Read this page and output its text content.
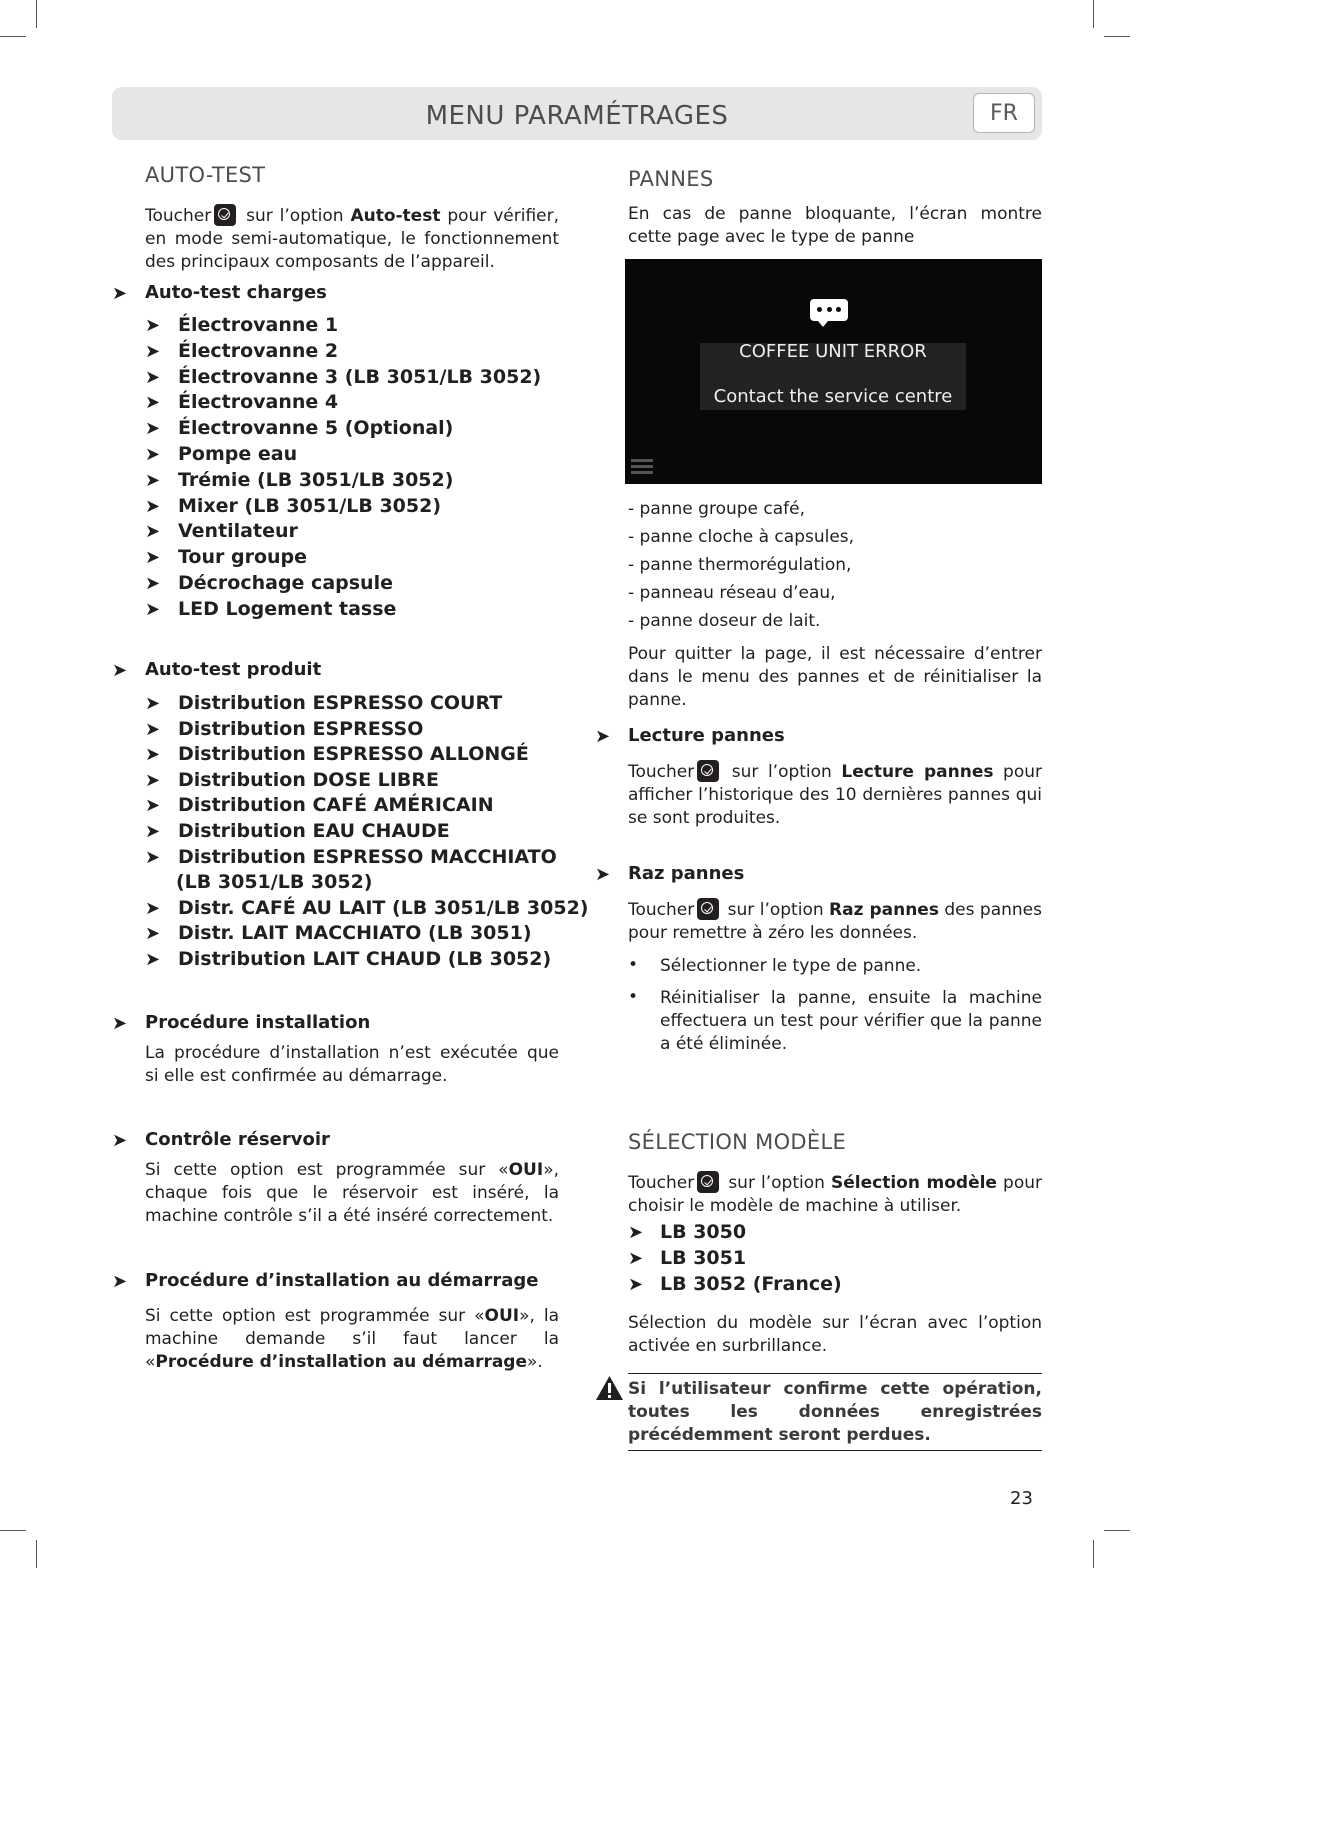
MENU PARAMÉTRAGES	FR
AUTO-TEST
Toucher sur l’option Auto-test pour vérifier, en mode semi-automatique, le fonctionnement des principaux composants de l’appareil.
➤ Auto-test charges
➤ Électrovanne 1
➤ Électrovanne 2
➤ Électrovanne 3 (LB 3051/LB 3052)
➤ Électrovanne 4
➤ Électrovanne 5 (Optional)
➤ Pompe eau
➤ Trémie (LB 3051/LB 3052)
➤ Mixer (LB 3051/LB 3052)
➤ Ventilateur
➤ Tour groupe
➤ Décrochage capsule
➤ LED Logement tasse
➤ Auto-test produit
➤ Distribution ESPRESSO COURT
➤ Distribution ESPRESSO
➤ Distribution ESPRESSO ALLONGÉ
➤ Distribution DOSE LIBRE
➤ Distribution CAFÉ AMÉRICAIN
➤ Distribution EAU CHAUDE
➤ Distribution ESPRESSO MACCHIATO
(LB 3051/LB 3052)
➤ Distr. CAFÉ AU LAIT (LB 3051/LB 3052)
➤ Distr. LAIT MACCHIATO (LB 3051)
➤ Distribution LAIT CHAUD (LB 3052)
➤ Procédure installation
La procédure d’installation n’est exécutée que si elle est confirmée au démarrage.
➤ Contrôle réservoir
Si cette option est programmée sur «OUI», chaque fois que le réservoir est inséré, la machine contrôle s’il a été inséré correctement.
➤ Procédure d’installation au démarrage
Si cette option est programmée sur «OUI», la machine demande s’il faut lancer la «Procédure d’installation au démarrage».
PANNES
En cas de panne bloquante, l’écran montre cette page avec le type de panne
COFFEE UNIT ERROR
Contact the service centre
- panne groupe café,
- panne cloche à capsules,
- panne thermorégulation,
- panneau réseau d’eau,
- panne doseur de lait.
Pour quitter la page, il est nécessaire d’entrer dans le menu des pannes et de réinitialiser la panne.
➤ Lecture pannes
Toucher sur l’option Lecture pannes pour afficher l’historique des 10 dernières pannes qui se sont produites.
➤ Raz pannes
Toucher sur l’option Raz pannes des pannes pour remettre à zéro les données.
• Sélectionner le type de panne.
• Réinitialiser la panne, ensuite la machine effectuera un test pour vérifier que la panne a été éliminée.
SÉLECTION MODÈLE
Toucher sur l’option Sélection modèle pour choisir le modèle de machine à utiliser.
➤ LB 3050
➤ LB 3051
➤ LB 3052 (France)
Sélection du modèle sur l’écran avec l’option activée en surbrillance.
Si l’utilisateur confirme cette opération, toutes les données enregistrées précédemment seront perdues.
23
